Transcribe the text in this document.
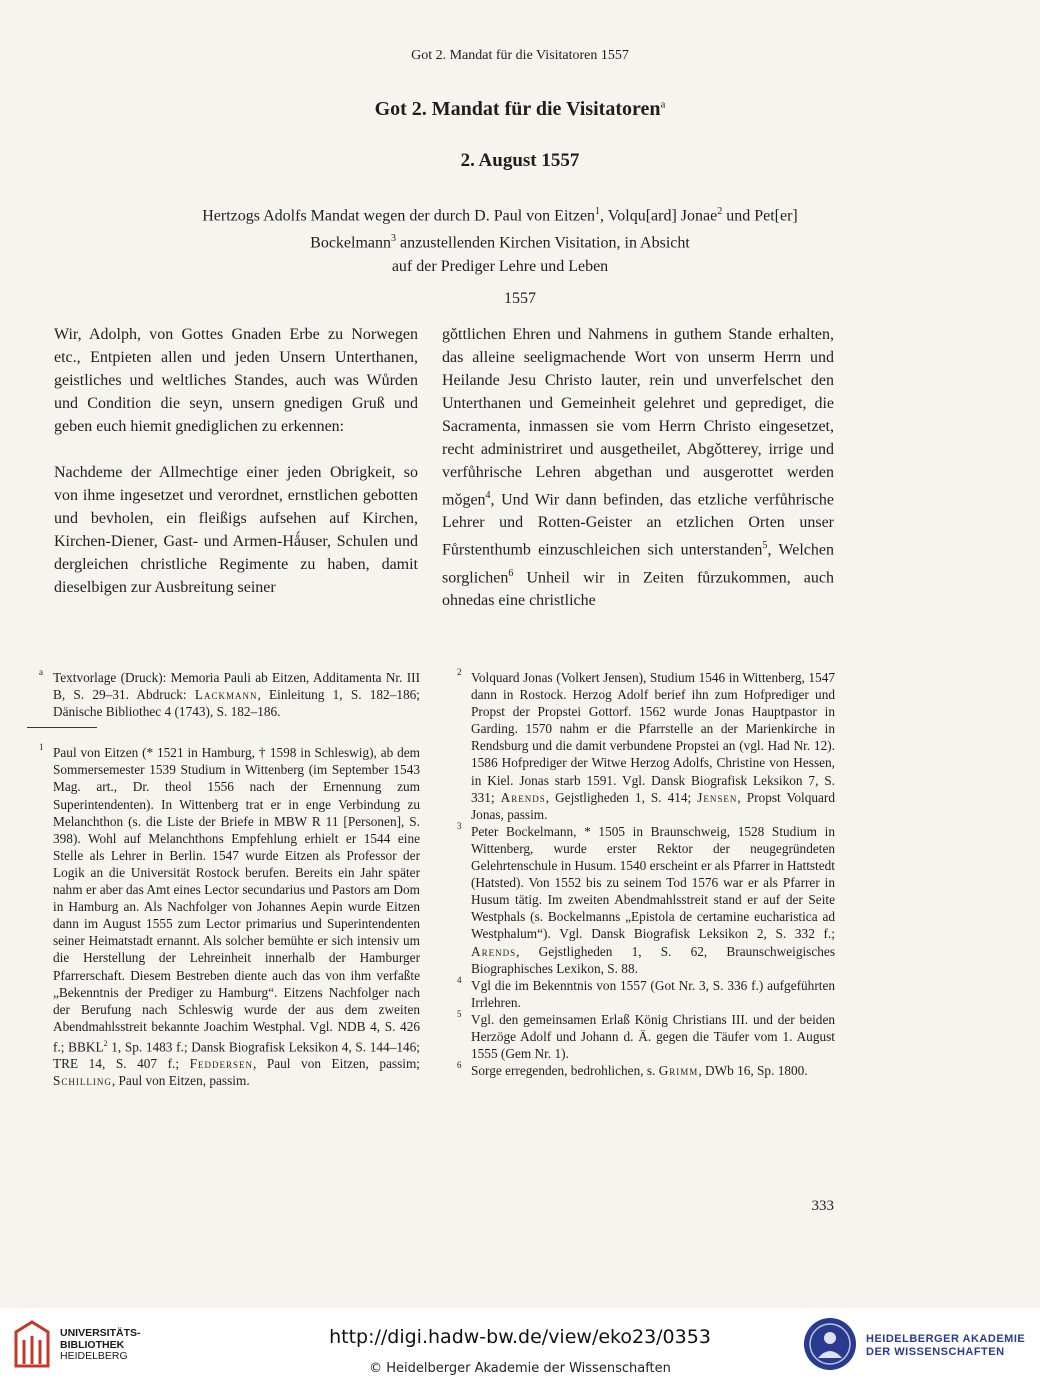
Got 2. Mandat für die Visitatoren 1557
Got 2. Mandat für die Visitatoren$^a$
2. August 1557
Hertzogs Adolfs Mandat wegen der durch D. Paul von Eitzen$^1$, Volqu[ard] Jonae$^2$ und Pet[er]
Bockelmann$^3$ anzustellenden Kirchen Visitation, in Absicht
auf der Prediger Lehre und Leben
1557

Wir, Adolph, von Gottes Gnaden Erbe zu Norwegen etc., Entpieten allen und jeden Unsern Unterthanen, geistliches und weltliches Standes, auch was Wůrden und Condition die seyn, unsern gnedigen Gruß und geben euch hiemit gnediglichen zu erkennen:

Nachdeme der Allmechtige einer jeden Obrigkeit, so von ihme ingesetzet und verordnet, ernstlichen gebotten und bevholen, ein fleißigs aufsehen auf Kirchen, Kirchen-Diener, Gast- und Armen-Hǻuser, Schulen und dergleichen christliche Regimente zu haben, damit dieselbigen zur Ausbreitung seiner

gǒttlichen Ehren und Nahmens in guthem Stande erhalten, das alleine seeligmachende Wort von unserm Herrn und Heilande Jesu Christo lauter, rein und unverfelschet den Unterthanen und Gemeinheit gelehret und geprediget, die Sacramenta, inmassen sie vom Herrn Christo eingesetzet, recht administriret und ausgetheilet, Abgǒtterey, irrige und verfůhrische Lehren abgethan und ausgerottet werden mǒgen$^4$, Und Wir dann befinden, das etzliche verfůhrische Lehrer und Rotten-Geister an etzlichen Orten unser Fůrstenthumb einzuschleichen sich unterstanden$^5$, Welchen sorglichen$^6$ Unheil wir in Zeiten fůrzukommen, auch ohnedas eine christliche

a Textvorlage (Druck): Memoria Pauli ab Eitzen, Additamenta Nr. III B, S. 29–31. Abdruck: Lackmann, Einleitung 1, S. 182–186; Dänische Bibliothec 4 (1743), S. 182–186.
1 Paul von Eitzen (* 1521 in Hamburg, † 1598 in Schleswig), ab dem Sommersemester 1539 Studium in Wittenberg (im September 1543 Mag. art., Dr. theol 1556 nach der Ernennung zum Superintendenten). In Wittenberg trat er in enge Verbindung zu Melanchthon (s. die Liste der Briefe in MBW R 11 [Personen], S. 398). Wohl auf Melanchthons Empfehlung erhielt er 1544 eine Stelle als Lehrer in Berlin. 1547 wurde Eitzen als Professor der Logik an die Universität Rostock berufen. Bereits ein Jahr später nahm er aber das Amt eines Lector secundarius und Pastors am Dom in Hamburg an. Als Nachfolger von Johannes Aepin wurde Eitzen dann im August 1555 zum Lector primarius und Superintendenten seiner Heimatstadt ernannt. Als solcher bemühte er sich intensiv um die Herstellung der Lehreinheit innerhalb der Hamburger Pfarrerschaft. Diesem Bestreben diente auch das von ihm verfaßte „Bekenntnis der Prediger zu Hamburg“. Eitzens Nachfolger nach der Berufung nach Schleswig wurde der aus dem zweiten Abendmahlsstreit bekannte Joachim Westphal. Vgl. NDB 4, S. 426 f.; BBKL$^2$ 1, Sp. 1483 f.; Dansk Biografisk Leksikon 4, S. 144–146; TRE 14, S. 407 f.; Feddersen, Paul von Eitzen, passim; Schilling, Paul von Eitzen, passim.
2 Volquard Jonas (Volkert Jensen), Studium 1546 in Wittenberg, 1547 dann in Rostock. Herzog Adolf berief ihn zum Hofprediger und Propst der Propstei Gottorf. 1562 wurde Jonas Hauptpastor in Garding. 1570 nahm er die Pfarrstelle an der Marienkirche in Rendsburg und die damit verbundene Propstei an (vgl. Had Nr. 12). 1586 Hofprediger der Witwe Herzog Adolfs, Christine von Hessen, in Kiel. Jonas starb 1591. Vgl. Dansk Biografisk Leksikon 7, S. 331; Arends, Gejstligheden 1, S. 414; Jensen, Propst Volquard Jonas, passim.
3 Peter Bockelmann, * 1505 in Braunschweig, 1528 Studium in Wittenberg, wurde erster Rektor der neugegründeten Gelehrtenschule in Husum. 1540 erscheint er als Pfarrer in Hattstedt (Hatsted). Von 1552 bis zu seinem Tod 1576 war er als Pfarrer in Husum tätig. Im zweiten Abendmahlsstreit stand er auf der Seite Westphals (s. Bockelmanns „Epistola de certamine eucharistica ad Westphalum“). Vgl. Dansk Biografisk Leksikon 2, S. 332 f.; Arends, Gejstligheden 1, S. 62, Braunschweigisches Biographisches Lexikon, S. 88.
4 Vgl die im Bekenntnis von 1557 (Got Nr. 3, S. 336 f.) aufgeführten Irrlehren.
5 Vgl. den gemeinsamen Erlaß König Christians III. und der beiden Herzöge Adolf und Johann d. Ä. gegen die Täufer vom 1. August 1555 (Gem Nr. 1).
6 Sorge erregenden, bedrohlichen, s. Grimm, DWb 16, Sp. 1800.
333
UNIVERSITÄTS-
BIBLIOTHEK
HEIDELBERG
http://digi.hadw-bw.de/view/eko23/0353
© Heidelberger Akademie der Wissenschaften
HEIDELBERGER AKADEMIE
DER WISSENSCHAFTEN
